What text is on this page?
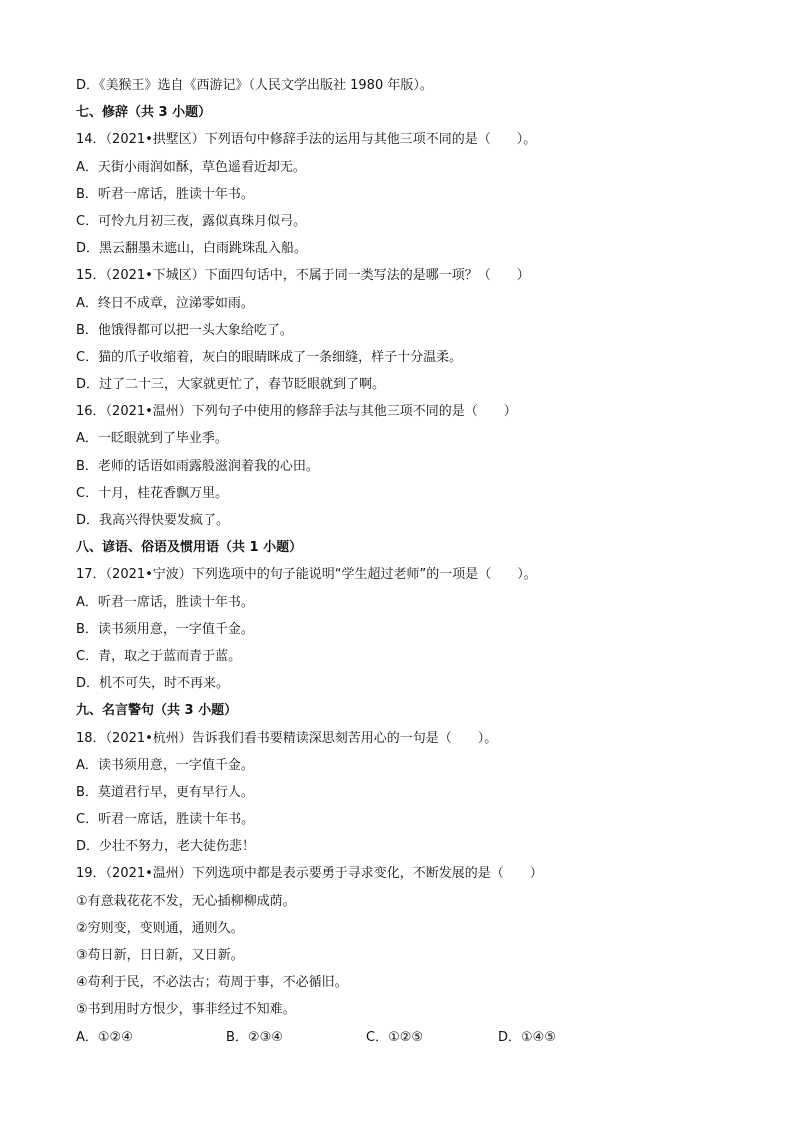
D．《美猴王》选自《西游记》（人民文学出版社 1980 年版）。
七、修辞（共 3 小题）
14．（2021•拱墅区）下列语句中修辞手法的运用与其他三项不同的是（　　）。
A．天街小雨润如酥，草色遥看近却无。
B．听君一席话，胜读十年书。
C．可怜九月初三夜，露似真珠月似弓。
D．黑云翻墨未遮山，白雨跳珠乱入船。
15．（2021•下城区）下面四句话中，不属于同一类写法的是哪一项？（　　）
A．终日不成章，泣涕零如雨。
B．他饿得都可以把一头大象给吃了。
C．猫的爪子收缩着，灰白的眼睛眯成了一条细缝，样子十分温柔。
D．过了二十三，大家就更忙了，春节眨眼就到了啊。
16．（2021•温州）下列句子中使用的修辞手法与其他三项不同的是（　　）
A．一眨眼就到了毕业季。
B．老师的话语如雨露般滋润着我的心田。
C．十月，桂花香飘万里。
D．我高兴得快要发疯了。
八、谚语、俗语及惯用语（共 1 小题）
17．（2021•宁波）下列选项中的句子能说明“学生超过老师”的一项是（　　）。
A．听君一席话，胜读十年书。
B．读书须用意，一字值千金。
C．青，取之于蓝而青于蓝。
D．机不可失，时不再来。
九、名言警句（共 3 小题）
18．（2021•杭州）告诉我们看书要精读深思刻苦用心的一句是（　　）。
A．读书须用意，一字值千金。
B．莫道君行早，更有早行人。
C．听君一席话，胜读十年书。
D．少壮不努力，老大徒伤悲！
19．（2021•温州）下列选项中都是表示要勇于寻求变化，不断发展的是（　　）
①有意栽花花不发，无心插柳柳成荫。
②穷则变，变则通，通则久。
③苟日新，日日新，又日新。
④苟利于民，不必法古；苟周于事，不必循旧。
⑤书到用时方恨少，事非经过不知难。
A．①②④	B．②③④	C．①②⑤	D．①④⑤
